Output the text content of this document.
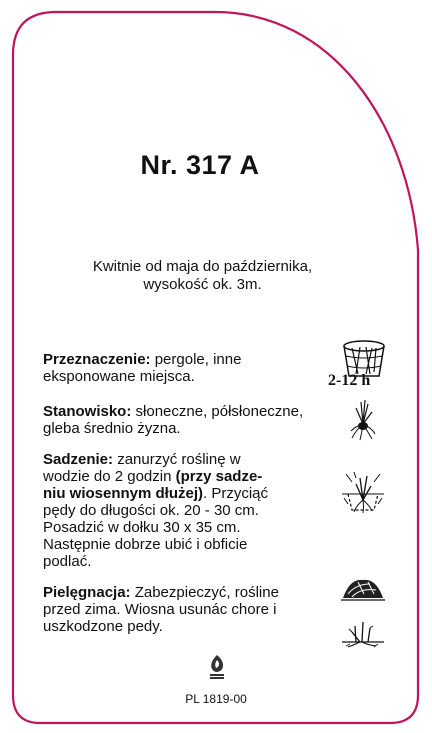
Nr. 317 A
Kwitnie od maja do października,
wysokość ok. 3m.
Przeznaczenie: pergole, inne
eksponowane miejsca.
Stanowisko: słoneczne, półsłoneczne,
gleba średnio żyzna.
Sadzenie: zanurzyć roślinę w
wodzie do 2 godzin (przy sadze-
niu wiosennym dłużej). Przyciąć
pędy do długości ok. 20 - 30 cm.
Posadzić w dołku 30 x 35 cm.
Następnie dobrze ubić i obficie
podlać.
Pielęgnacja: Zabezpieczyć, rośline
przed zima. Wiosna usunác chore i
uszkodzone pedy.
2-12 h
PL 1819-00
